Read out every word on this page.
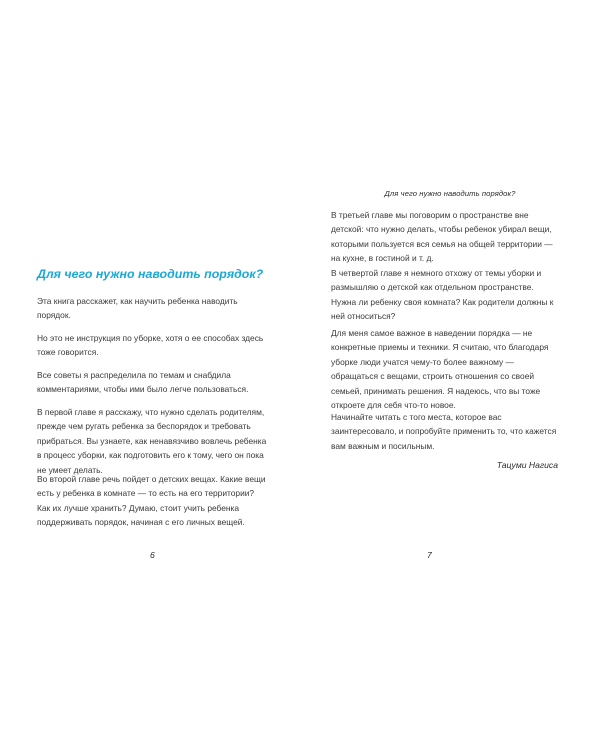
Для чего нужно наводить порядок?

Эта книга расскажет, как научить ребенка наводить порядок.

Но это не инструкция по уборке, хотя о ее способах здесь тоже говорится.

Все советы я распределила по темам и снабдила комментариями, чтобы ими было легче пользоваться.

В первой главе я расскажу, что нужно сделать родителям, прежде чем ругать ребенка за беспорядок и требовать прибраться. Вы узнаете, как ненавязчиво вовлечь ребенка в процесс уборки, как подготовить его к тому, чего он пока не умеет делать.

Во второй главе речь пойдет о детских вещах. Какие вещи есть у ребенка в комнате — то есть на его территории? Как их лучше хранить? Думаю, стоит учить ребенка поддерживать порядок, начиная с его личных вещей.

6
Для чего нужно наводить порядок?

В третьей главе мы поговорим о пространстве вне детской: что нужно делать, чтобы ребенок убирал вещи, которыми пользуется вся семья на общей территории — на кухне, в гостиной и т. д.

В четвертой главе я немного отхожу от темы уборки и размышляю о детской как отдельном пространстве. Нужна ли ребенку своя комната? Как родители должны к ней относиться?

Для меня самое важное в наведении порядка — не конкретные приемы и техники. Я считаю, что благодаря уборке люди учатся чему-то более важному — обращаться с вещами, строить отношения со своей семьей, принимать решения. Я надеюсь, что вы тоже откроете для себя что-то новое.

Начинайте читать с того места, которое вас заинтересовало, и попробуйте применить то, что кажется вам важным и посильным.

Тацуми Нагиса
7
